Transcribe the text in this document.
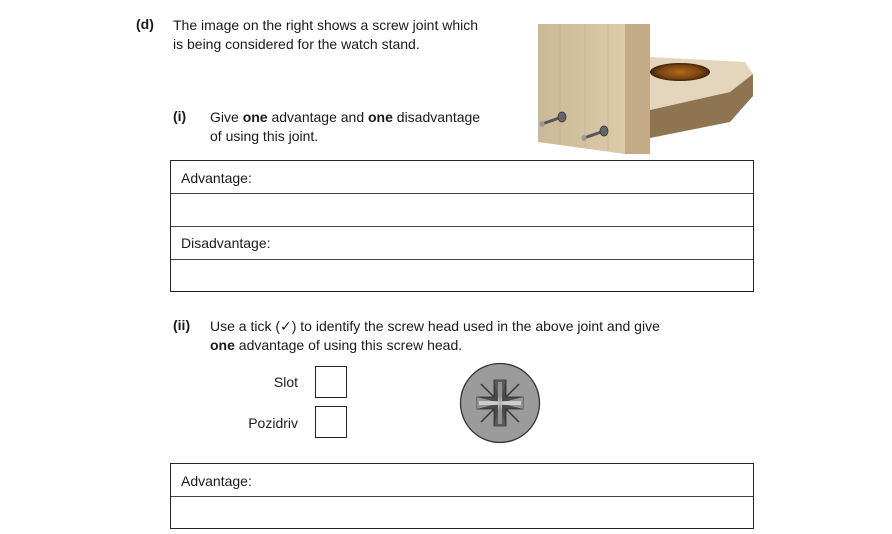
(d) The image on the right shows a screw joint which
is being considered for the watch stand.
(i) Give one advantage and one disadvantage
of using this joint.
Advantage:
Disadvantage:
(ii) Use a tick (✓) to identify the screw head used in the above joint and give
one advantage of using this screw head.
Slot
Pozidriv
Advantage:
